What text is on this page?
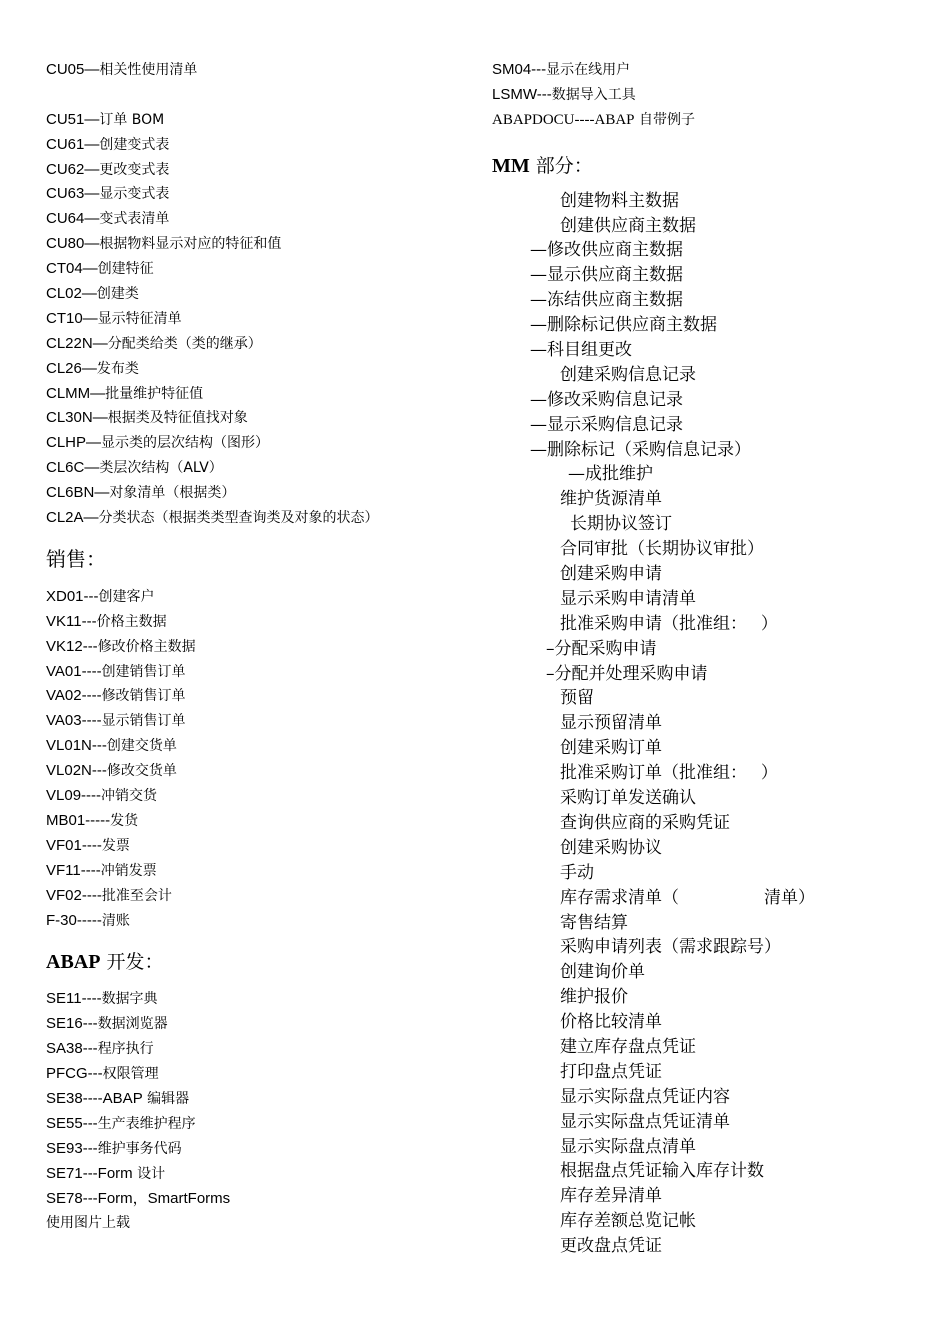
CU05—相关性使用清单
CU51—订单 BOM
CU61—创建变式表
CU62—更改变式表
CU63—显示变式表
CU64—变式表清单
CU80—根据物料显示对应的特征和值
CT04—创建特征
CL02—创建类
CT10—显示特征清单
CL22N—分配类给类（类的继承）
CL26—发布类
CLMM—批量维护特征值
CL30N—根据类及特征值找对象
CLHP—显示类的层次结构（图形）
CL6C—类层次结构（ALV）
CL6BN—对象清单（根据类）
CL2A—分类状态（根据类类型查询类及对象的状态）
销售：
XD01---创建客户
VK11---价格主数据
VK12---修改价格主数据
VA01----创建销售订单
VA02----修改销售订单
VA03----显示销售订单
VL01N---创建交货单
VL02N---修改交货单
VL09----冲销交货
MB01-----发货
VF01----发票
VF11----冲销发票
VF02----批准至会计
F-30-----清账
ABAP 开发：
SE11----数据字典
SE16---数据浏览器
SA38---程序执行
PFCG---权限管理
SE38----ABAP 编辑器
SE55---生产表维护程序
SE93---维护事务代码
SE71---Form 设计
SE78---Form，SmartForms
使用图片上载
SM04---显示在线用户
LSMW---数据导入工具
ABAPDOCU----ABAP 自带例子
MM 部分：
创建物料主数据
创建供应商主数据
—修改供应商主数据
—显示供应商主数据
—冻结供应商主数据
—删除标记供应商主数据
—科目组更改
创建采购信息记录
—修改采购信息记录
—显示采购信息记录
—删除标记（采购信息记录）
—成批维护
维护货源清单
长期协议签订
合同审批（长期协议审批）
创建采购申请
显示采购申请清单
批准采购申请（批准组：　 ）
–分配采购申请
–分配并处理采购申请
预留
显示预留清单
创建采购订单
批准采购订单（批准组：　 ）
采购订单发送确认
查询供应商的采购凭证
创建采购协议
手动
库存需求清单（　　　　　清单）
寄售结算
采购申请列表（需求跟踪号）
创建询价单
维护报价
价格比较清单
建立库存盘点凭证
打印盘点凭证
显示实际盘点凭证内容
显示实际盘点凭证清单
显示实际盘点清单
根据盘点凭证输入库存计数
库存差异清单
库存差额总览记帐
更改盘点凭证
